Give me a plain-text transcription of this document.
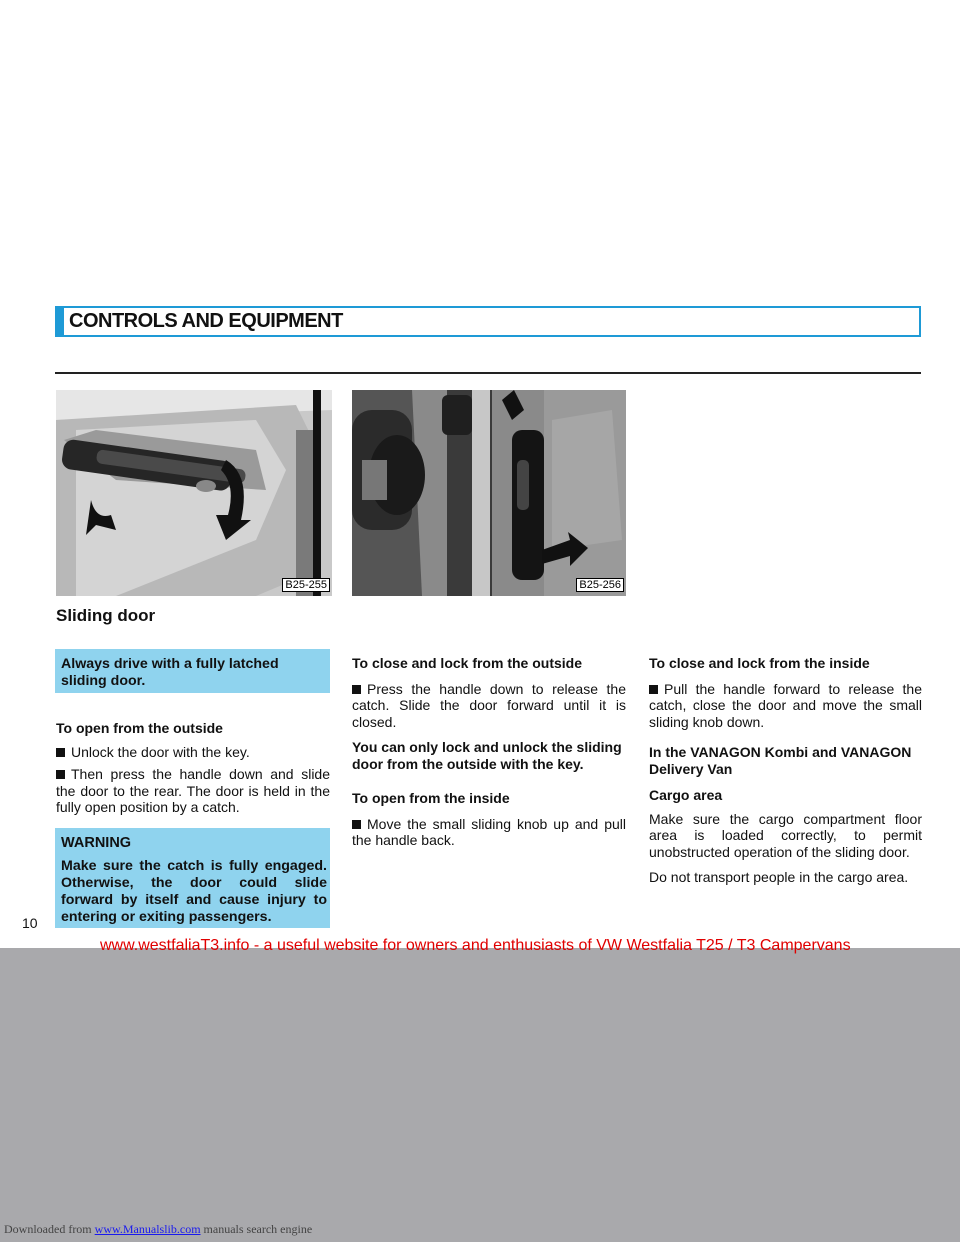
CONTROLS AND EQUIPMENT
B25-255	B25-256
Sliding door
Always drive with a fully latched sliding door.

To open from the outside

Unlock the door with the key.

Then press the handle down and slide the door to the rear. The door is held in the fully open position by a catch.

WARNING
Make sure the catch is fully engaged. Otherwise, the door could slide forward by itself and cause injury to entering or exiting passengers.

To close and lock from the outside

Press the handle down to release the catch. Slide the door forward until it is closed.

You can only lock and unlock the sliding door from the outside with the key.

To open from the inside

Move the small sliding knob up and pull the handle back.

To close and lock from the inside

Pull the handle forward to release the catch, close the door and move the small sliding knob down.

In the VANAGON Kombi and VANAGON Delivery Van

Cargo area

Make sure the cargo compartment floor area is loaded correctly, to permit unobstructed operation of the sliding door.

Do not transport people in the cargo area.

10
www.westfaliaT3.info - a useful website for owners and enthusiasts of VW Westfalia T25 / T3 Campervans
Downloaded from www.Manualslib.com manuals search engine
